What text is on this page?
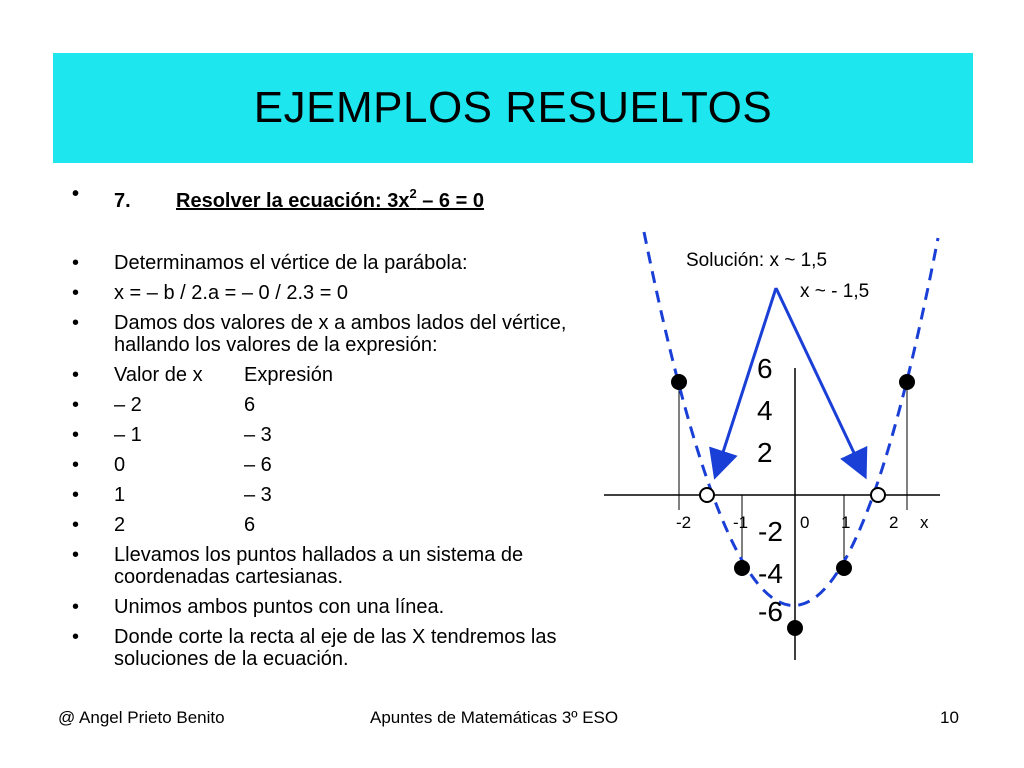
EJEMPLOS RESUELTOS
• 7. Resolver la ecuación: $3x^2 - 6 = 0$
• Determinamos el vértice de la parábola:
• x = – b / 2.a = – 0 / 2.3 = 0
• Damos dos valores de x a ambos lados del vértice, hallando los valores de la expresión:
• Valor de x Expresión
• – 2	6
• – 1	– 3
• 0	– 6
• 1	– 3
• 2	6
• Llevamos los puntos hallados a un sistema de coordenadas cartesianas.
• Unimos ambos puntos con una línea.
• Donde corte la recta al eje de las X tendremos las soluciones de la ecuación.
Solución: x ~ 1,5
x ~ - 1,5
6
4
2
-2
-4
-6
-2 -1	0 1 2 x
@ Angel Prieto Benito	Apuntes de Matemáticas 3º ESO	10
